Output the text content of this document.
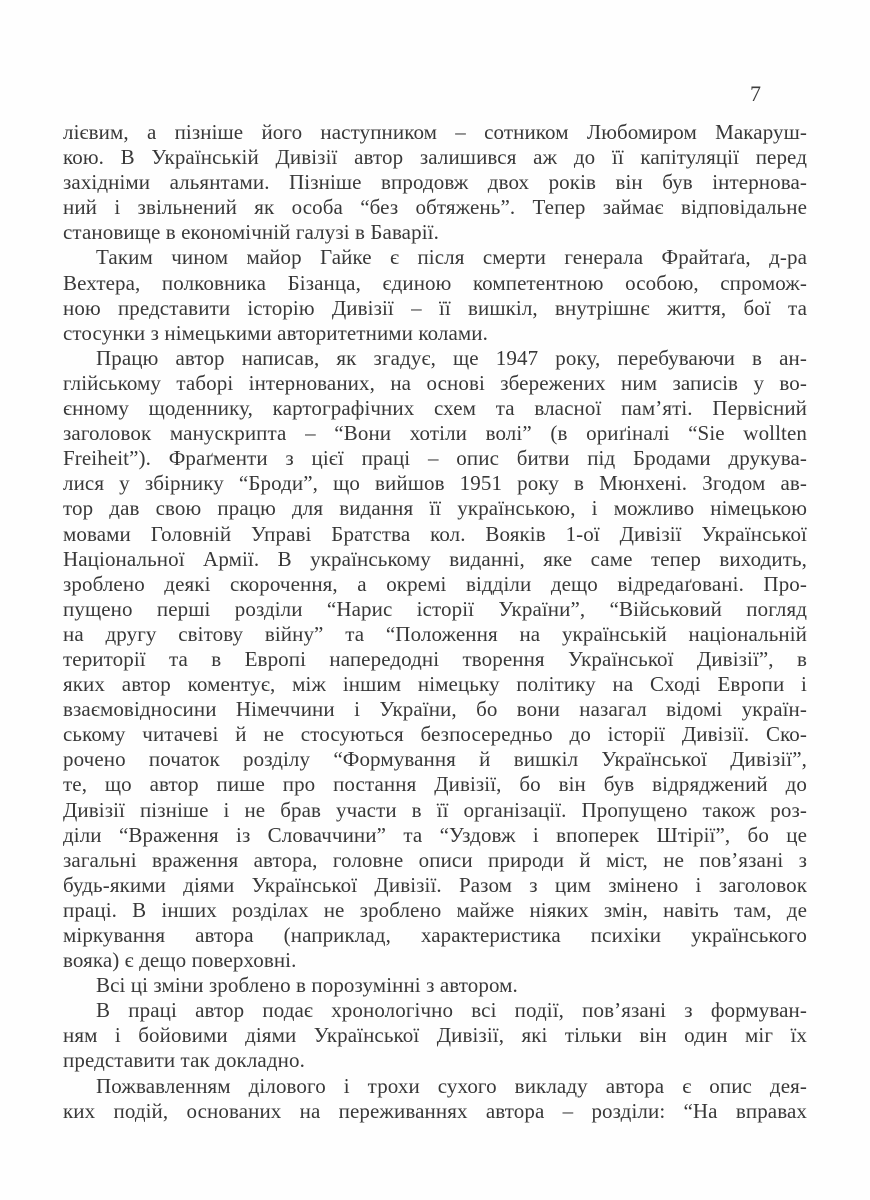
7
лієвим, а пізніше його наступником – сотником Любомиром Макаруш-
кою. В Українській Дивізії автор залишився аж до її капітуляції перед
західніми альянтами. Пізніше впродовж двох років він був інтернова-
ний і звільнений як особа “без обтяжень”. Тепер займає відповідальне
становище в економічній галузі в Баварії.
Таким чином майор Гайке є після смерти генерала Фрайтаґа, д-ра
Вехтера, полковника Бізанца, єдиною компетентною особою, спромож-
ною представити історію Дивізії – її вишкіл, внутрішнє життя, бої та
стосунки з німецькими авторитетними колами.
Працю автор написав, як згадує, ще 1947 року, перебуваючи в ан-
глійському таборі інтернованих, на основі збережених ним записів у во-
єнному щоденнику, картографічних схем та власної пам’яті. Первісний
заголовок манускрипта – “Вони хотіли волі” (в ориґіналі “Sie wollten
Freiheit”). Фраґменти з цієї праці – опис битви під Бродами друкува-
лися у збірнику “Броди”, що вийшов 1951 року в Мюнхені. Згодом ав-
тор дав свою працю для видання її українською, і можливо німецькою
мовами Головній Управі Братства кол. Вояків 1-ої Дивізії Української
Національної Армії. В українському виданні, яке саме тепер виходить,
зроблено деякі скорочення, а окремі відділи дещо відредаґовані. Про-
пущено перші розділи “Нарис історії України”, “Військовий погляд
на другу світову війну” та “Положення на українській національній
території та в Европі напередодні творення Української Дивізії”, в
яких автор коментує, між іншим німецьку політику на Сході Европи і
взаємовідносини Німеччини і України, бо вони назагал відомі україн-
ському читачеві й не стосуються безпосередньо до історії Дивізії. Ско-
рочено початок розділу “Формування й вишкіл Української Дивізії”,
те, що автор пише про постання Дивізії, бо він був відряджений до
Дивізії пізніше і не брав участи в її організації. Пропущено також роз-
діли “Враження із Словаччини” та “Уздовж і впоперек Штірії”, бо це
загальні враження автора, головне описи природи й міст, не пов’язані з
будь-якими діями Української Дивізії. Разом з цим змінено і заголовок
праці. В інших розділах не зроблено майже ніяких змін, навіть там, де
міркування автора (наприклад, характеристика психіки українського
вояка) є дещо поверховні.
Всі ці зміни зроблено в порозумінні з автором.
В праці автор подає хронологічно всі події, пов’язані з формуван-
ням і бойовими діями Української Дивізії, які тільки він один міг їх
представити так докладно.
Пожвавленням ділового і трохи сухого викладу автора є опис дея-
ких подій, основаних на переживаннях автора – розділи: “На вправах
